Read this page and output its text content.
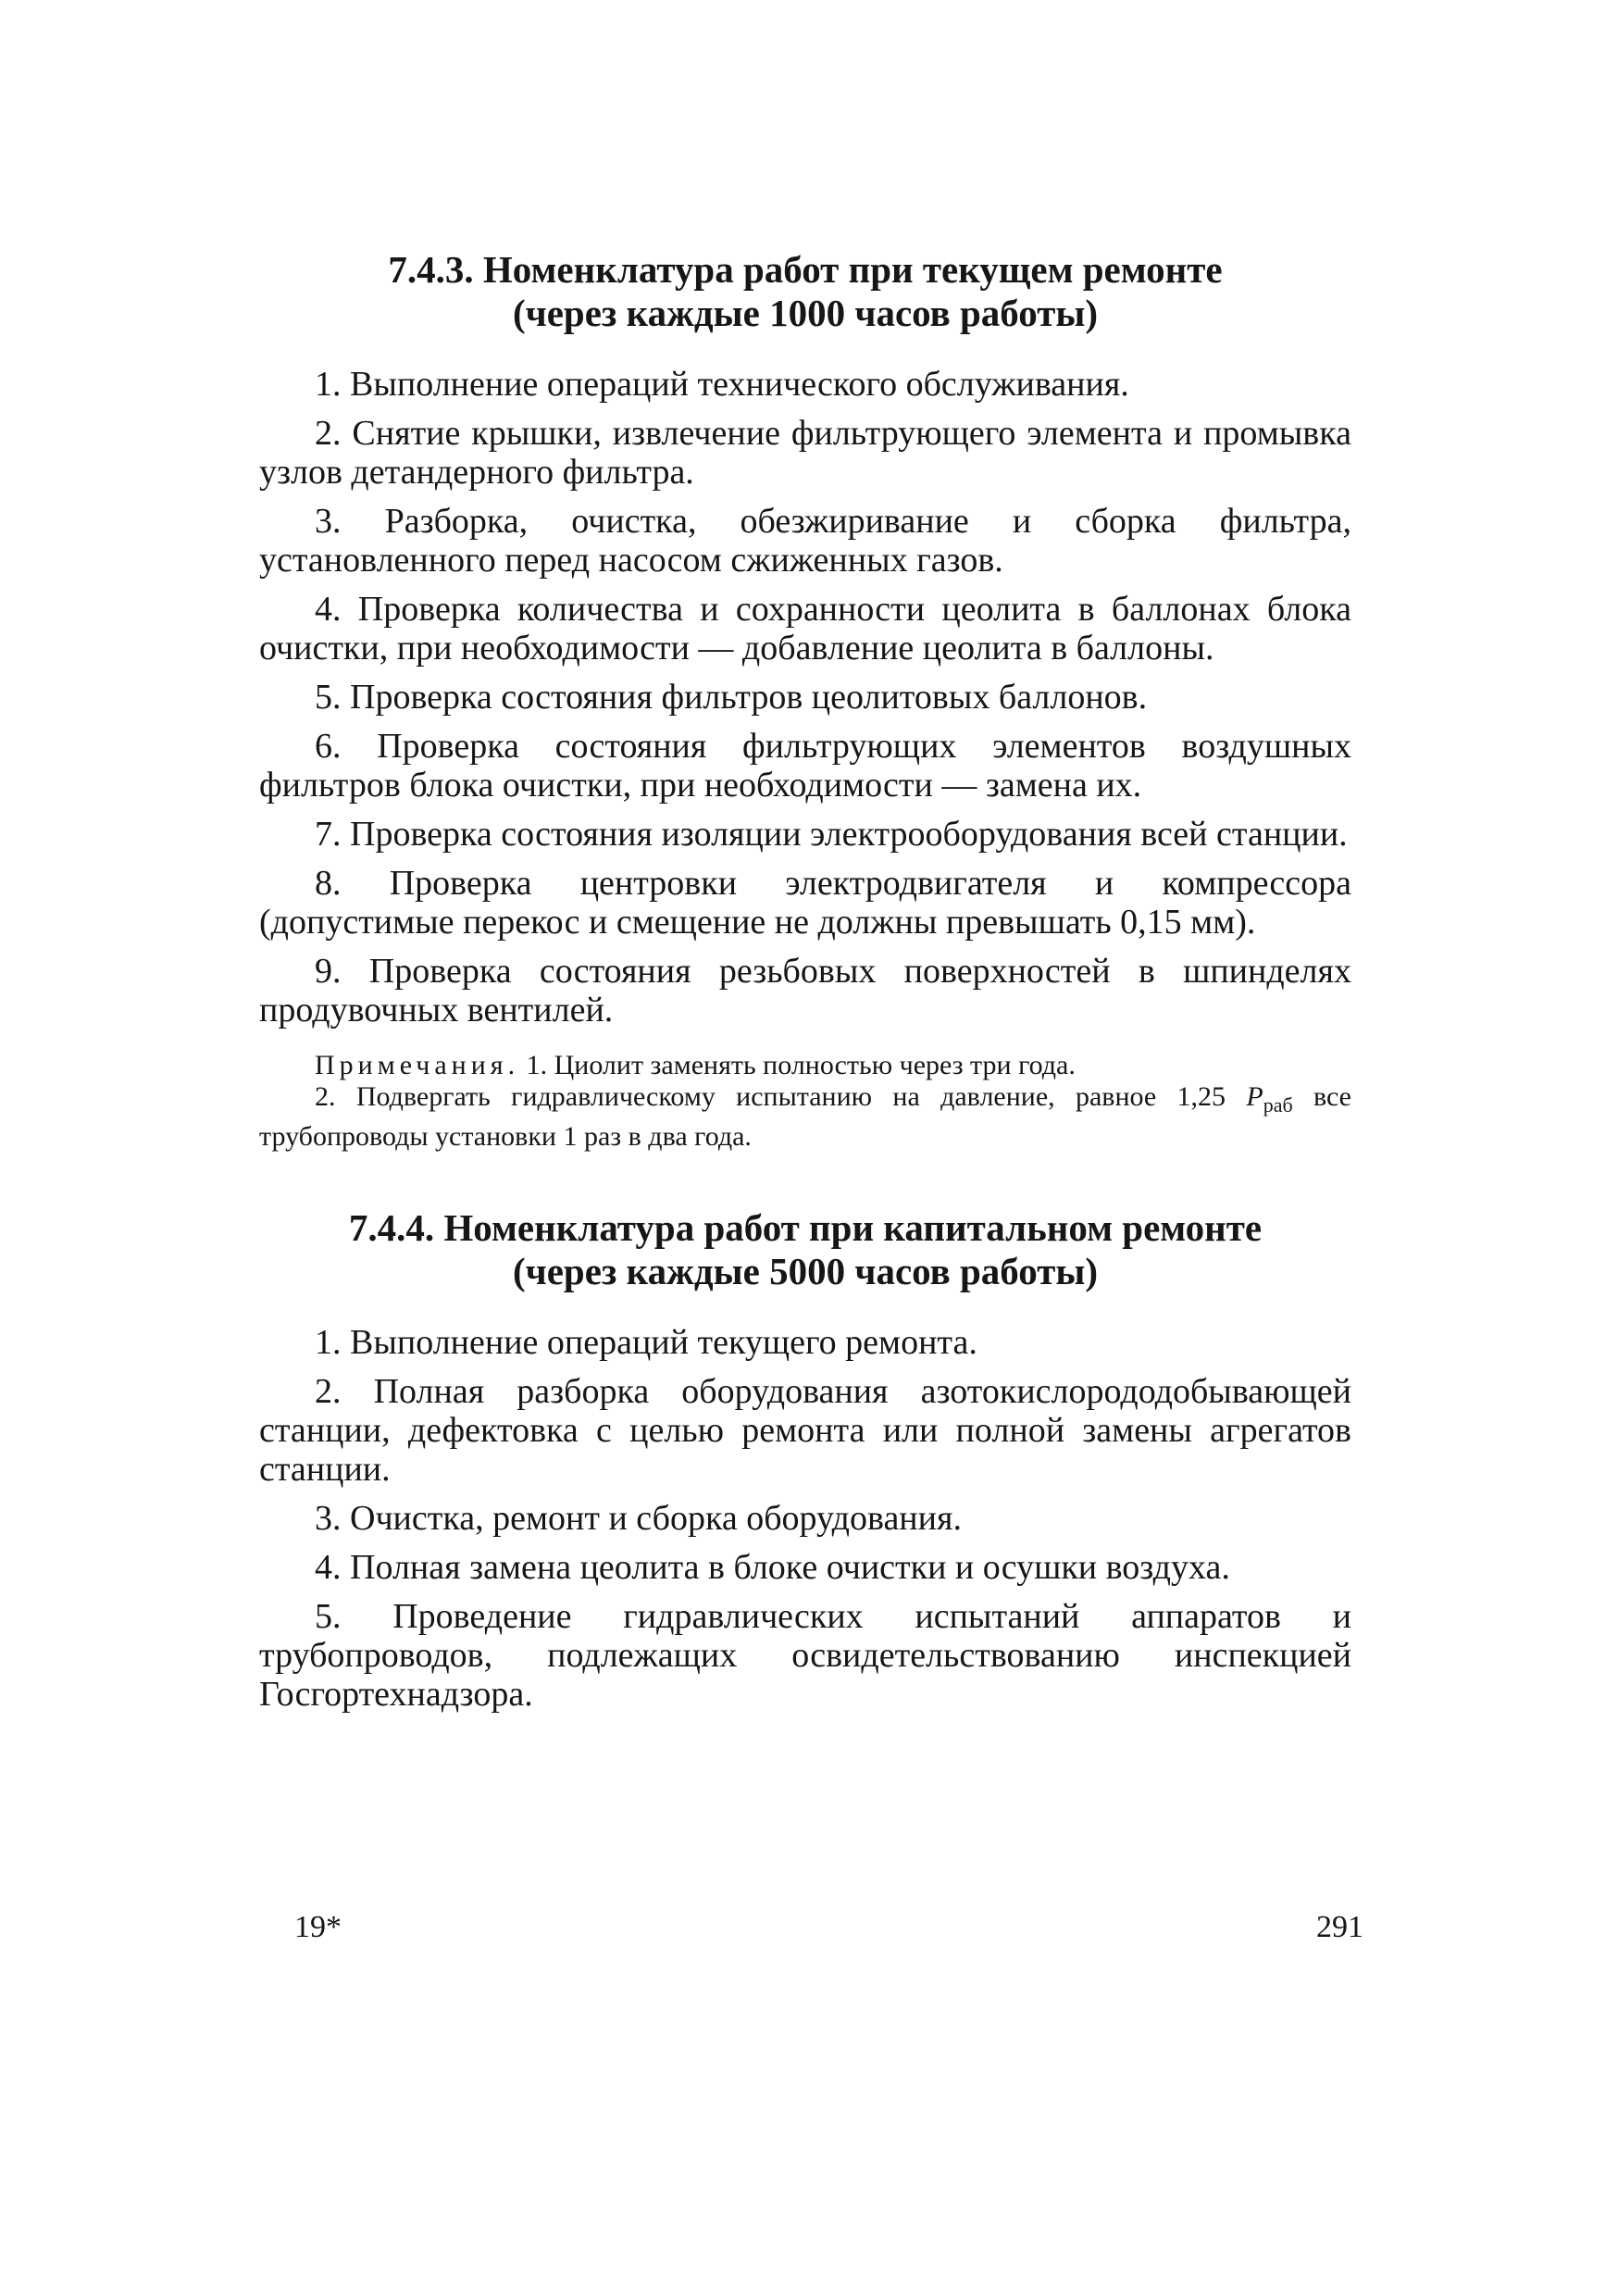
7.4.3. Номенклатура работ при текущем ремонте
(через каждые 1000 часов работы)

1. Выполнение операций технического обслуживания.

2. Снятие крышки, извлечение фильтрующего элемента и промывка узлов детандерного фильтра.

3. Разборка, очистка, обезжиривание и сборка фильтра, установленного перед насосом сжиженных газов.

4. Проверка количества и сохранности цеолита в баллонах блока очистки, при необходимости — добавление цеолита в баллоны.

5. Проверка состояния фильтров цеолитовых баллонов.

6. Проверка состояния фильтрующих элементов воздушных фильтров блока очистки, при необходимости — замена их.

7. Проверка состояния изоляции электрооборудования всей станции.

8. Проверка центровки электродвигателя и компрессора (допустимые перекос и смещение не должны превышать 0,15 мм).

9. Проверка состояния резьбовых поверхностей в шпинделях продувочных вентилей.

Примечания. 1. Циолит заменять полностью через три года.

2. Подвергать гидравлическому испытанию на давление, равное 1,25 $P_{раб}$ все трубопроводы установки 1 раз в два года.

7.4.4. Номенклатура работ при капитальном ремонте
(через каждые 5000 часов работы)

1. Выполнение операций текущего ремонта.

2. Полная разборка оборудования азотокислорододобывающей станции, дефектовка с целью ремонта или полной замены агрегатов станции.

3. Очистка, ремонт и сборка оборудования.

4. Полная замена цеолита в блоке очистки и осушки воздуха.

5. Проведение гидравлических испытаний аппаратов и трубопроводов, подлежащих освидетельствованию инспекцией Госгортехнадзора.

19*	291
